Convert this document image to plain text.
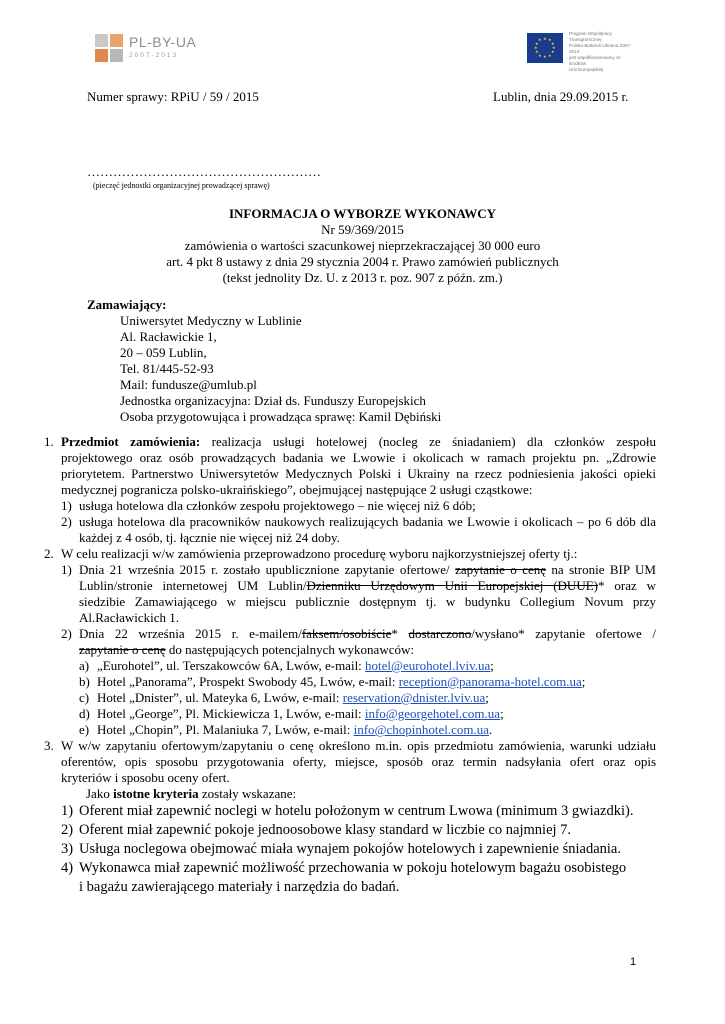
PL-BY-UA
2007-2013
★ ★
★
★
★
★
★
★
★
★
★
★
Program Współpracy Transgranicznej
Polska-Białoruś-Ukraina 2007-2013
jest współfinansowany ze środków
Unii Europejskiej
Numer sprawy: RPiU / 59 / 2015	Lublin, dnia 29.09.2015 r.
………………………………………………
(pieczęć jednostki organizacyjnej prowadzącej sprawę)
INFORMACJA O WYBORZE WYKONAWCY
Nr 59/369/2015
zamówienia o wartości szacunkowej nieprzekraczającej 30 000 euro
art. 4 pkt 8 ustawy z dnia 29 stycznia 2004 r. Prawo zamówień publicznych
(tekst jednolity Dz. U. z 2013 r. poz. 907 z późn. zm.)
Zamawiający:
Uniwersytet Medyczny w Lublinie
Al. Racławickie 1,
20 – 059 Lublin,
Tel. 81/445-52-93
Mail: fundusze@umlub.pl
Jednostka organizacyjna: Dział ds. Funduszy Europejskich
Osoba przygotowująca i prowadząca sprawę: Kamil Dębiński
1. Przedmiot zamówienia: realizacja usługi hotelowej (nocleg ze śniadaniem) dla członków zespołu
projektowego oraz osób prowadzących badania we Lwowie i okolicach w ramach projektu pn. „Zdrowie
priorytetem. Partnerstwo Uniwersytetów Medycznych Polski i Ukrainy na rzecz podniesienia jakości opieki
medycznej pogranicza polsko-ukraińskiego”, obejmującej następujące 2 usługi cząstkowe:
1) usługa hotelowa dla członków zespołu projektowego – nie więcej niż 6 dób;
2) usługa hotelowa dla pracowników naukowych realizujących badania we Lwowie i okolicach – po 6 dób dla
każdej z 4 osób, tj. łącznie nie więcej niż 24 doby.
2. W celu realizacji w/w zamówienia przeprowadzono procedurę wyboru najkorzystniejszej oferty tj.:
1) Dnia 21 września 2015 r. zostało upublicznione zapytanie ofertowe/ zapytanie o cenę na stronie BIP UM
Lublin/stronie internetowej UM Lublin/Dzienniku Urzędowym Unii Europejskiej (DUUE)* oraz w
siedzibie Zamawiającego w miejscu publicznie dostępnym tj. w budynku Collegium Novum przy
Al.Racławickich 1.
2) Dnia 22 września 2015 r. e-mailem/faksem/osobiście* dostarczono/wysłano* zapytanie ofertowe /
zapytanie o cenę do następujących potencjalnych wykonawców:
a) „Eurohotel”, ul. Terszakowców 6A, Lwów, e-mail: hotel@eurohotel.lviv.ua;
b) Hotel „Panorama”, Prospekt Swobody 45, Lwów, e-mail: reception@panorama-hotel.com.ua;
c) Hotel „Dnister”, ul. Mateyka 6, Lwów, e-mail: reservation@dnister.lviv.ua;
d) Hotel „George”, Pl. Mickiewicza 1, Lwów, e-mail: info@georgehotel.com.ua;
e) Hotel „Chopin”, Pl. Malaniuka 7, Lwów, e-mail: info@chopinhotel.com.ua.
3. W w/w zapytaniu ofertowym/zapytaniu o cenę określono m.in. opis przedmiotu zamówienia, warunki udziału
oferentów, opis sposobu przygotowania oferty, miejsce, sposób oraz termin nadsyłania ofert oraz opis
kryteriów i sposobu oceny ofert.
Jako istotne kryteria zostały wskazane:
1) Oferent miał zapewnić noclegi w hotelu położonym w centrum Lwowa (minimum 3 gwiazdki).
2) Oferent miał zapewnić pokoje jednoosobowe klasy standard w liczbie co najmniej 7.
3) Usługa noclegowa obejmować miała wynajem pokojów hotelowych i zapewnienie śniadania.
4) Wykonawca miał zapewnić możliwość przechowania w pokoju hotelowym bagażu osobistego
i bagażu zawierającego materiały i narzędzia do badań.
1
